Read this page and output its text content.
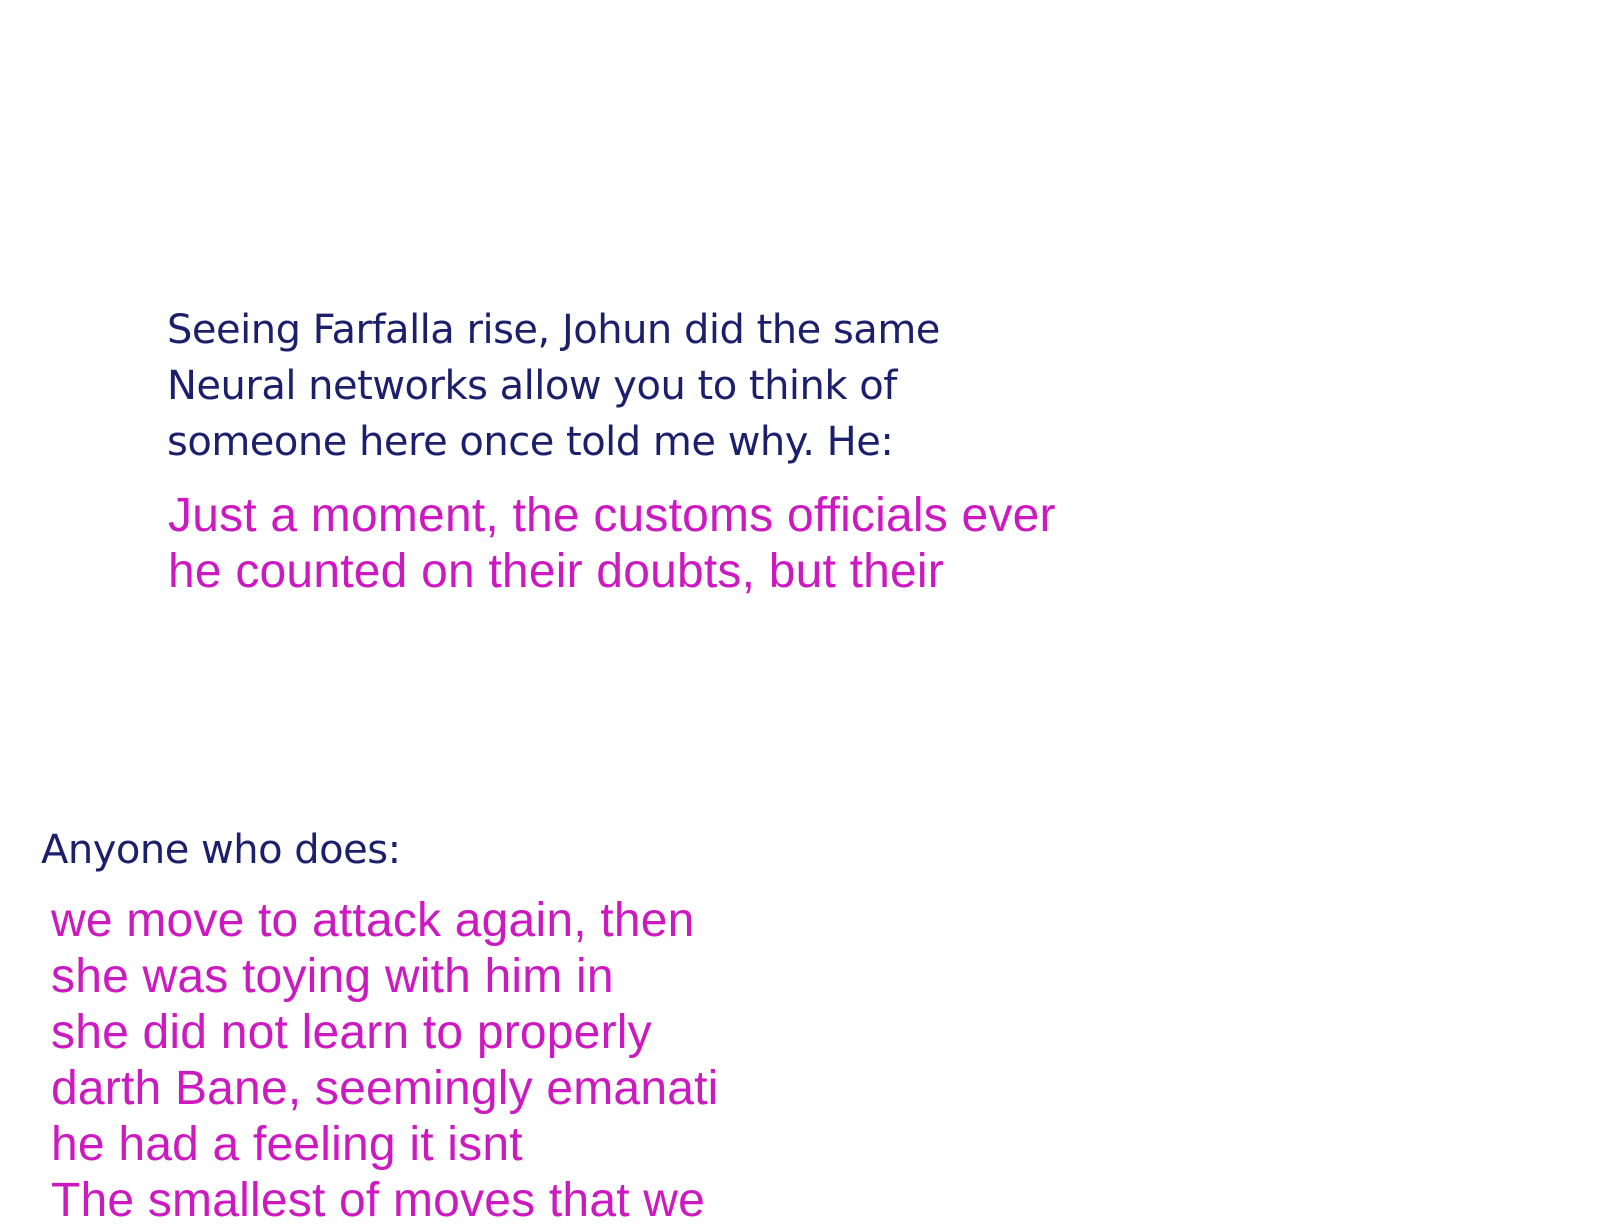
Seeing Farfalla rise, Johun did the same
Neural networks allow you to think of
someone here once told me why. He:
Just a moment, the customs officials ever
he counted on their doubts, but their
Anyone who does:
we move to attack again, then
she was toying with him in
she did not learn to properly
darth Bane, seemingly emanati
he had a feeling it isnt
The smallest of moves that we
